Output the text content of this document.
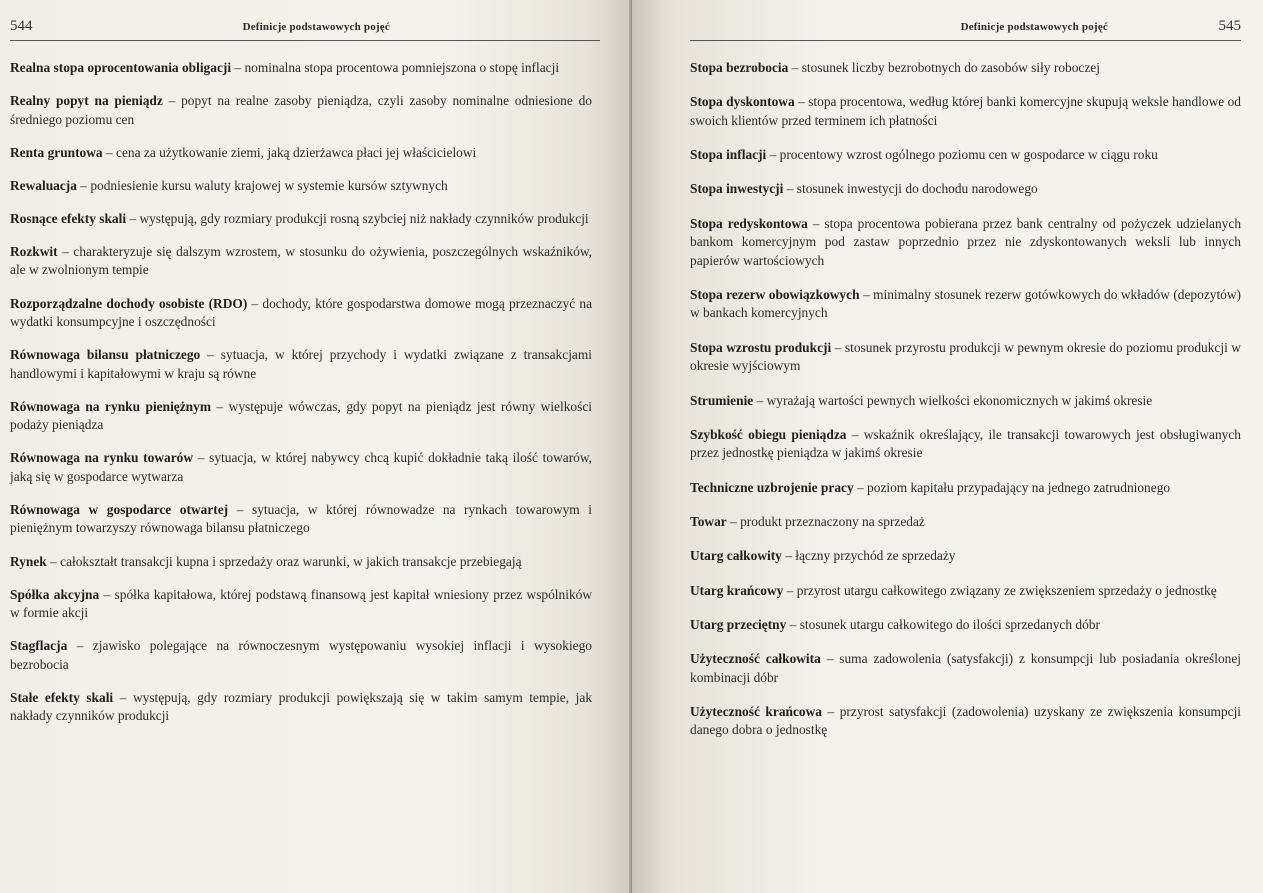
544	Definicje podstawowych pojęć
Realna stopa oprocentowania obligacji – nominalna stopa procentowa pomniejszona o stopę inflacji
Realny popyt na pieniądz – popyt na realne zasoby pieniądza, czyli zasoby nominalne odniesione do średniego poziomu cen
Renta gruntowa – cena za użytkowanie ziemi, jaką dzierżawca płaci jej właścicielowi
Rewaluacja – podniesienie kursu waluty krajowej w systemie kursów sztywnych
Rosnące efekty skali – występują, gdy rozmiary produkcji rosną szybciej niż nakłady czynników produkcji
Rozkwit – charakteryzuje się dalszym wzrostem, w stosunku do ożywienia, poszczególnych wskaźników, ale w zwolnionym tempie
Rozporządzalne dochody osobiste (RDO) – dochody, które gospodarstwa domowe mogą przeznaczyć na wydatki konsumpcyjne i oszczędności
Równowaga bilansu płatniczego – sytuacja, w której przychody i wydatki związane z transakcjami handlowymi i kapitałowymi w kraju są równe
Równowaga na rynku pieniężnym – występuje wówczas, gdy popyt na pieniądz jest równy wielkości podaży pieniądza
Równowaga na rynku towarów – sytuacja, w której nabywcy chcą kupić dokładnie taką ilość towarów, jaką się w gospodarce wytwarza
Równowaga w gospodarce otwartej – sytuacja, w której równowadze na rynkach towarowym i pieniężnym towarzyszy równowaga bilansu płatniczego
Rynek – całokształt transakcji kupna i sprzedaży oraz warunki, w jakich transakcje przebiegają
Spółka akcyjna – spółka kapitałowa, której podstawą finansową jest kapitał wniesiony przez wspólników w formie akcji
Stagflacja – zjawisko polegające na równoczesnym występowaniu wysokiej inflacji i wysokiego bezrobocia
Stałe efekty skali – występują, gdy rozmiary produkcji powiększają się w takim samym tempie, jak nakłady czynników produkcji
Definicje podstawowych pojęć	545
Stopa bezrobocia – stosunek liczby bezrobotnych do zasobów siły roboczej
Stopa dyskontowa – stopa procentowa, według której banki komercyjne skupują weksle handlowe od swoich klientów przed terminem ich płatności
Stopa inflacji – procentowy wzrost ogólnego poziomu cen w gospodarce w ciągu roku
Stopa inwestycji – stosunek inwestycji do dochodu narodowego
Stopa redyskontowa – stopa procentowa pobierana przez bank centralny od pożyczek udzielanych bankom komercyjnym pod zastaw poprzednio przez nie zdyskontowanych weksli lub innych papierów wartościowych
Stopa rezerw obowiązkowych – minimalny stosunek rezerw gotówkowych do wkładów (depozytów) w bankach komercyjnych
Stopa wzrostu produkcji – stosunek przyrostu produkcji w pewnym okresie do poziomu produkcji w okresie wyjściowym
Strumienie – wyrażają wartości pewnych wielkości ekonomicznych w jakimś okresie
Szybkość obiegu pieniądza – wskaźnik określający, ile transakcji towarowych jest obsługiwanych przez jednostkę pieniądza w jakimś okresie
Techniczne uzbrojenie pracy – poziom kapitału przypadający na jednego zatrudnionego
Towar – produkt przeznaczony na sprzedaż
Utarg całkowity – łączny przychód ze sprzedaży
Utarg krańcowy – przyrost utargu całkowitego związany ze zwiększeniem sprzedaży o jednostkę
Utarg przeciętny – stosunek utargu całkowitego do ilości sprzedanych dóbr
Użyteczność całkowita – suma zadowolenia (satysfakcji) z konsumpcji lub posiadania określonej kombinacji dóbr
Użyteczność krańcowa – przyrost satysfakcji (zadowolenia) uzyskany ze zwiększenia konsumpcji danego dobra o jednostkę
